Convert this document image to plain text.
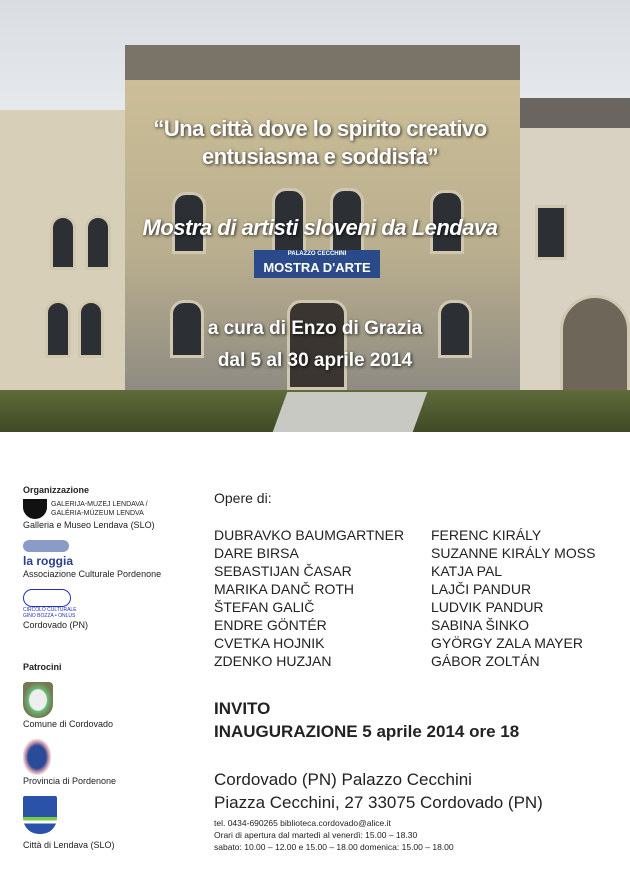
PALAZZO CECCHINI
MOSTRA D'ARTE
“Una città dove lo spirito creativo entusiasma e soddisfa”
Mostra di artisti sloveni da Lendava
a cura di Enzo di Grazia
dal 5 al 30 aprile 2014
Organizzazione
GALERIJA-MUZEJ LENDAVA / GALÉRIA-MÚZEUM LENDVA
Galleria e Museo Lendava (SLO)
la roggia
Associazione Culturale Pordenone
CIRCOLO CULTURALE GINO BOZZA • ONLUS
Cordovado (PN)
Patrocini
Comune di Cordovado
Provincia di Pordenone
Città di Lendava (SLO)
Opere di:
DUBRAVKO BAUMGARTNER
DARE BIRSA
SEBASTIJAN ČASAR
MARIKA DANČ ROTH
ŠTEFAN GALIČ
ENDRE GÖNTÉR
CVETKA HOJNIK
ZDENKO HUZJAN
FERENC KIRÁLY
SUZANNE KIRÁLY MOSS
KATJA PAL
LAJČI PANDUR
LUDVIK PANDUR
SABINA ŠINKO
GYÖRGY ZALA MAYER
GÁBOR ZOLTÁN
INVITO
INAUGURAZIONE 5 aprile 2014 ore 18
Cordovado (PN) Palazzo Cecchini
Piazza Cecchini, 27 33075 Cordovado (PN)
tel. 0434-690265 biblioteca.cordovado@alice.it
Orari di apertura dal martedì al venerdì: 15.00 – 18.30
sabato: 10.00 – 12.00 e 15.00 – 18.00 domenica: 15.00 – 18.00
